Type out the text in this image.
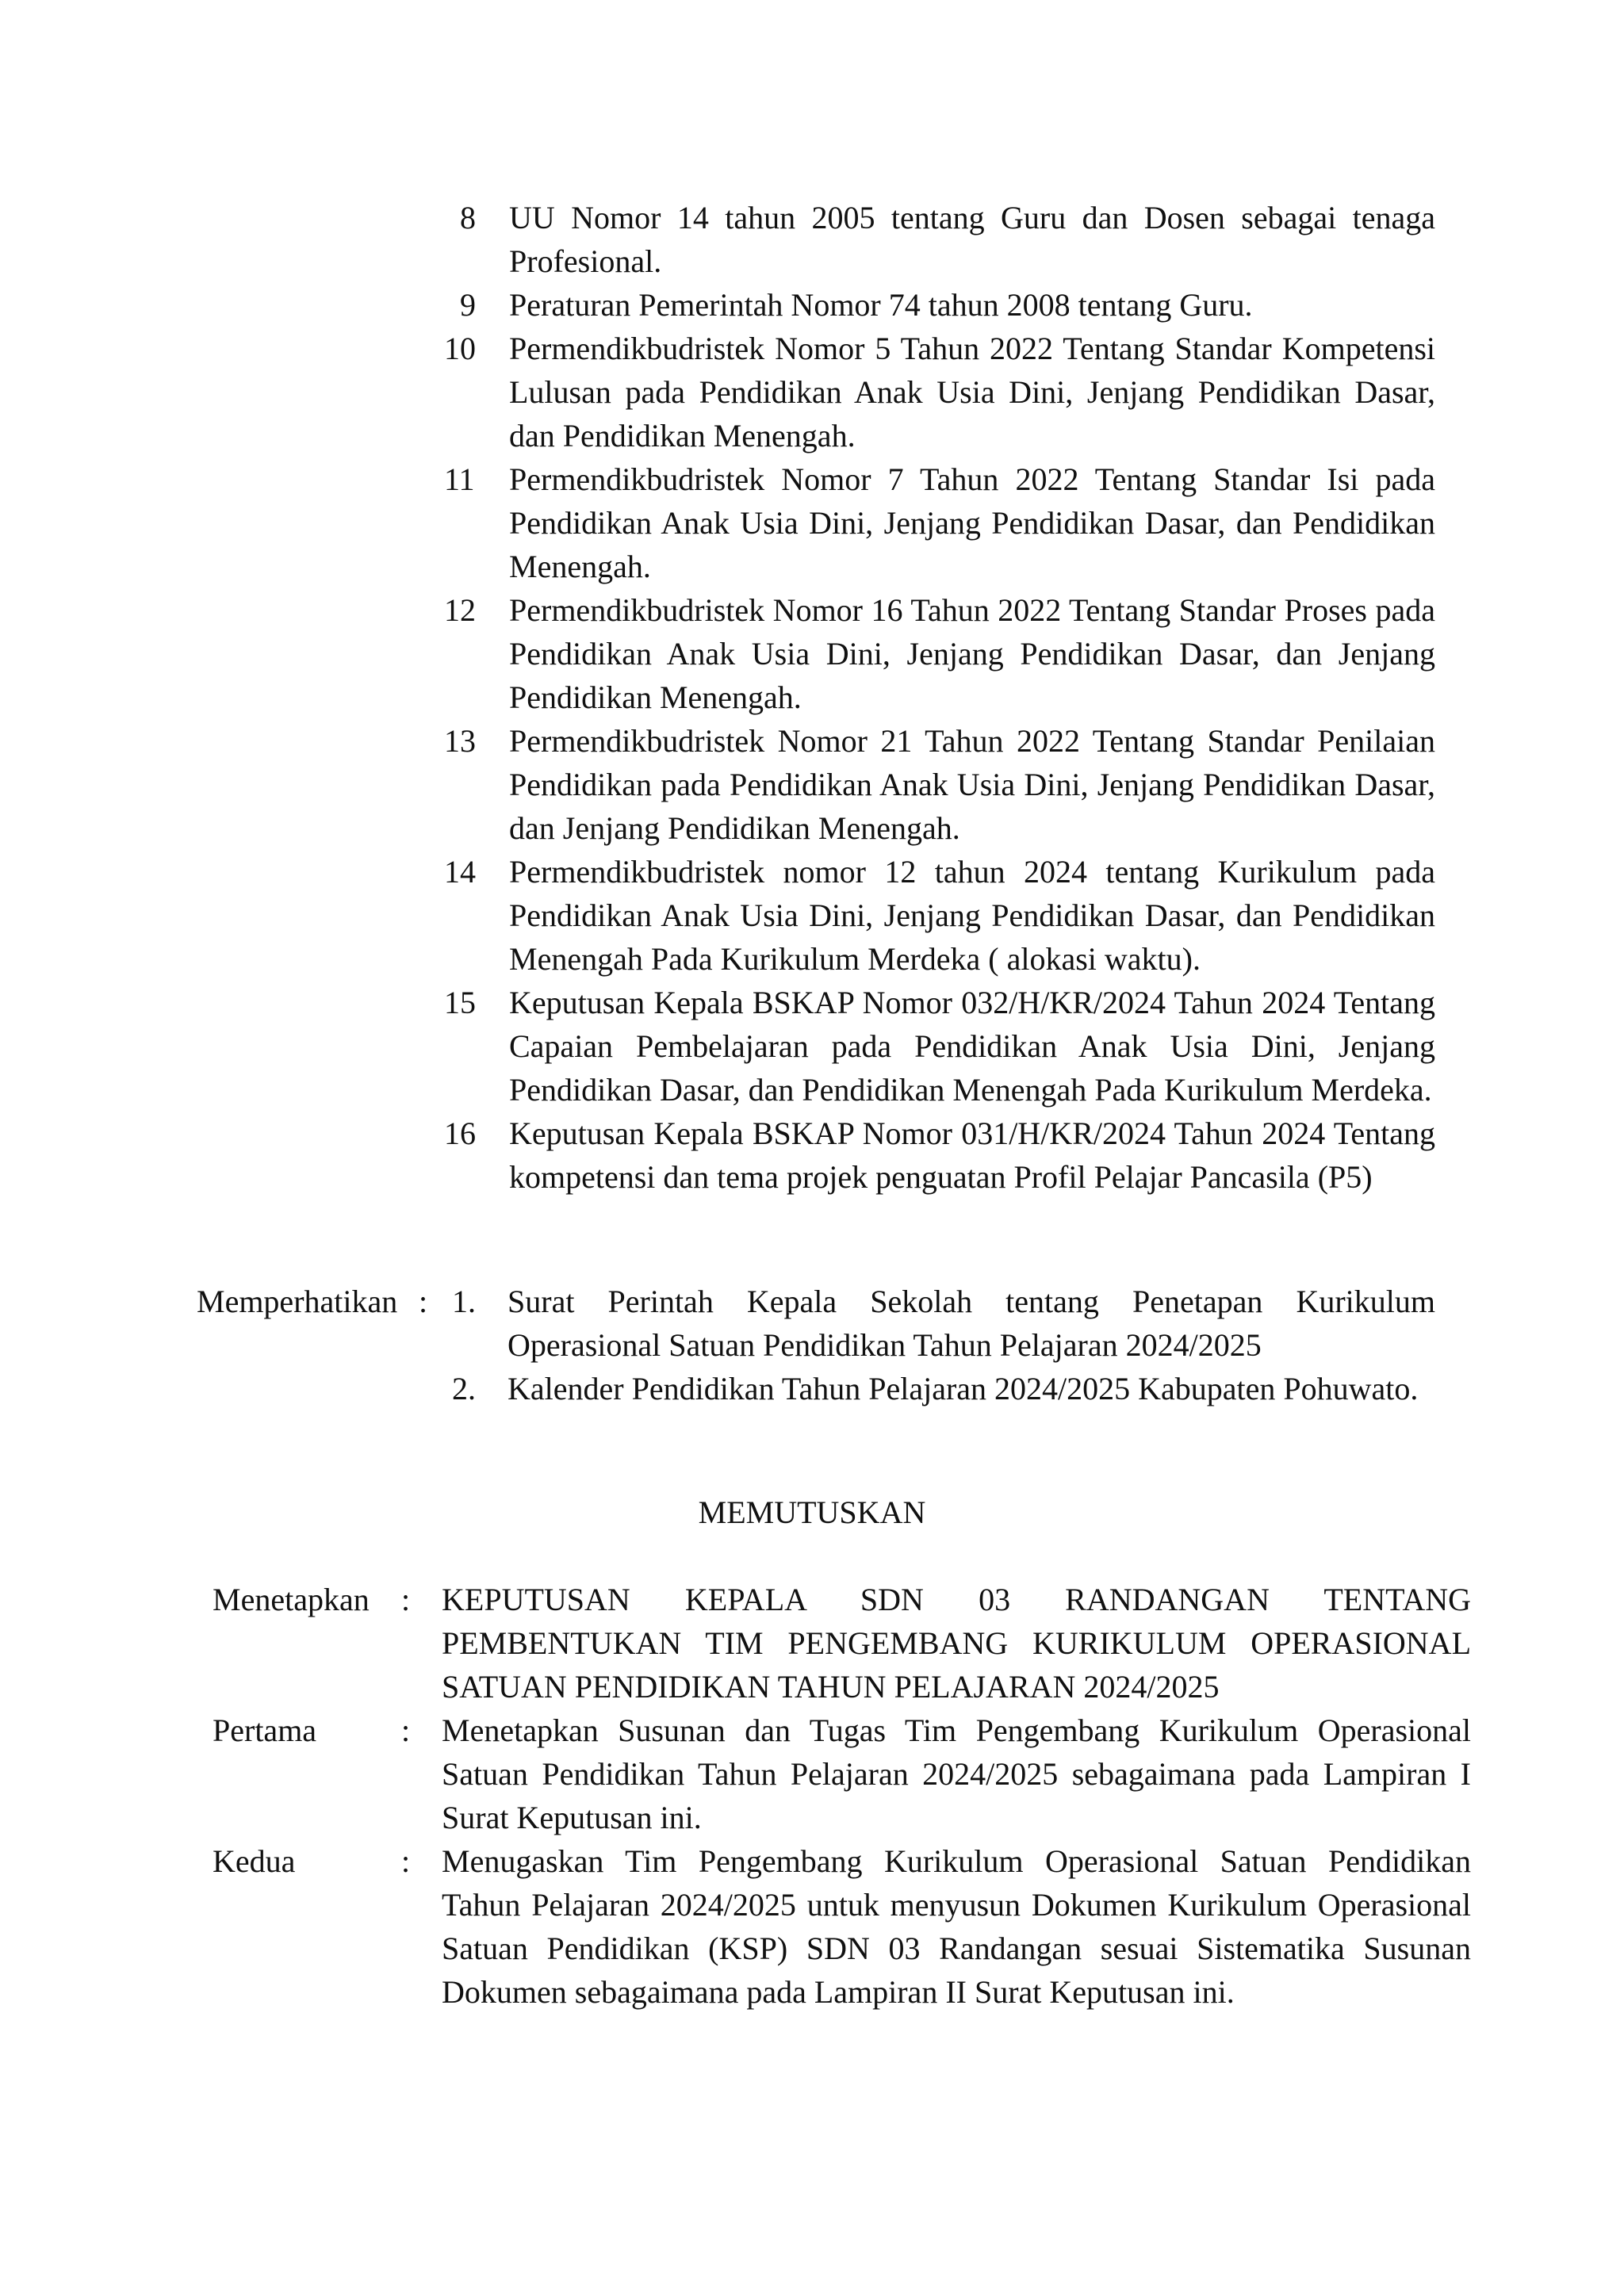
8 UU Nomor 14 tahun 2005 tentang Guru dan Dosen sebagai tenaga Profesional.
9 Peraturan Pemerintah Nomor 74 tahun 2008 tentang Guru.
10 Permendikbudristek Nomor 5 Tahun 2022 Tentang Standar Kompetensi Lulusan pada Pendidikan Anak Usia Dini, Jenjang Pendidikan Dasar, dan Pendidikan Menengah.
11 Permendikbudristek Nomor 7 Tahun 2022 Tentang Standar Isi pada Pendidikan Anak Usia Dini, Jenjang Pendidikan Dasar, dan Pendidikan Menengah.
12 Permendikbudristek Nomor 16 Tahun 2022 Tentang Standar Proses pada Pendidikan Anak Usia Dini, Jenjang Pendidikan Dasar, dan Jenjang Pendidikan Menengah.
13 Permendikbudristek Nomor 21 Tahun 2022 Tentang Standar Penilaian Pendidikan pada Pendidikan Anak Usia Dini, Jenjang Pendidikan Dasar, dan Jenjang Pendidikan Menengah.
14 Permendikbudristek nomor 12 tahun 2024 tentang Kurikulum pada Pendidikan Anak Usia Dini, Jenjang Pendidikan Dasar, dan Pendidikan Menengah Pada Kurikulum Merdeka ( alokasi waktu).
15 Keputusan Kepala BSKAP Nomor 032/H/KR/2024 Tahun 2024 Tentang Capaian Pembelajaran pada Pendidikan Anak Usia Dini, Jenjang Pendidikan Dasar, dan Pendidikan Menengah Pada Kurikulum Merdeka.
16 Keputusan Kepala BSKAP Nomor 031/H/KR/2024 Tahun 2024 Tentang kompetensi dan tema projek penguatan Profil Pelajar Pancasila (P5)
Memperhatikan : 1. Surat Perintah Kepala Sekolah tentang Penetapan Kurikulum Operasional Satuan Pendidikan Tahun Pelajaran 2024/2025
2. Kalender Pendidikan Tahun Pelajaran 2024/2025 Kabupaten Pohuwato.
MEMUTUSKAN
Menetapkan : KEPUTUSAN KEPALA SDN 03 RANDANGAN TENTANG PEMBENTUKAN TIM PENGEMBANG KURIKULUM OPERASIONAL SATUAN PENDIDIKAN TAHUN PELAJARAN 2024/2025
Pertama	: Menetapkan Susunan dan Tugas Tim Pengembang Kurikulum Operasional Satuan Pendidikan Tahun Pelajaran 2024/2025 sebagaimana pada Lampiran I Surat Keputusan ini.
Kedua	: Menugaskan Tim Pengembang Kurikulum Operasional Satuan Pendidikan Tahun Pelajaran 2024/2025 untuk menyusun Dokumen Kurikulum Operasional Satuan Pendidikan (KSP) SDN 03 Randangan sesuai Sistematika Susunan Dokumen sebagaimana pada Lampiran II Surat Keputusan ini.
